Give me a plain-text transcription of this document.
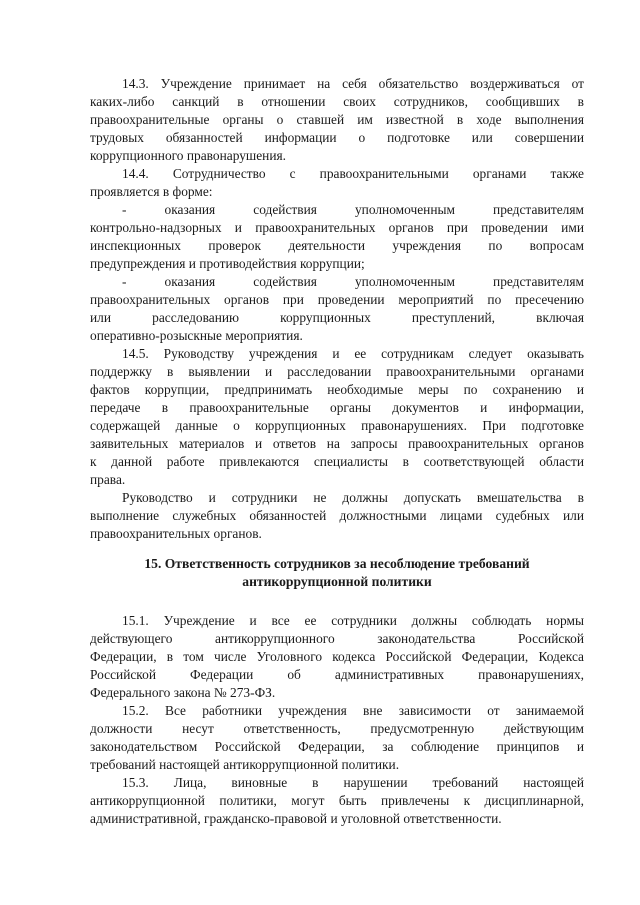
14.3. Учреждение принимает на себя обязательство воздерживаться от
каких-либо санкций в отношении своих сотрудников, сообщивших в
правоохранительные органы о ставшей им известной в ходе выполнения
трудовых обязанностей информации о подготовке или совершении
коррупционного правонарушения.
14.4. Сотрудничество с правоохранительными органами также
проявляется в форме:
- оказания содействия уполномоченным представителям
контрольно-надзорных и правоохранительных органов при проведении ими
инспекционных проверок деятельности учреждения по вопросам
предупреждения и противодействия коррупции;
- оказания содействия уполномоченным представителям
правоохранительных органов при проведении мероприятий по пресечению
или расследованию коррупционных преступлений, включая
оперативно-розыскные мероприятия.
14.5. Руководству учреждения и ее сотрудникам следует оказывать
поддержку в выявлении и расследовании правоохранительными органами
фактов коррупции, предпринимать необходимые меры по сохранению и
передаче в правоохранительные органы документов и информации,
содержащей данные о коррупционных правонарушениях. При подготовке
заявительных материалов и ответов на запросы правоохранительных органов
к данной работе привлекаются специалисты в соответствующей области
права.
Руководство и сотрудники не должны допускать вмешательства в
выполнение служебных обязанностей должностными лицами судебных или
правоохранительных органов.
15. Ответственность сотрудников за несоблюдение требований
антикоррупционной политики
15.1. Учреждение и все ее сотрудники должны соблюдать нормы
действующего антикоррупционного законодательства Российской
Федерации, в том числе Уголовного кодекса Российской Федерации, Кодекса
Российской Федерации об административных правонарушениях,
Федерального закона № 273-ФЗ.
15.2. Все работники учреждения вне зависимости от занимаемой
должности несут ответственность, предусмотренную действующим
законодательством Российской Федерации, за соблюдение принципов и
требований настоящей антикоррупционной политики.
15.3. Лица, виновные в нарушении требований настоящей
антикоррупционной политики, могут быть привлечены к дисциплинарной,
административной, гражданско-правовой и уголовной ответственности.
